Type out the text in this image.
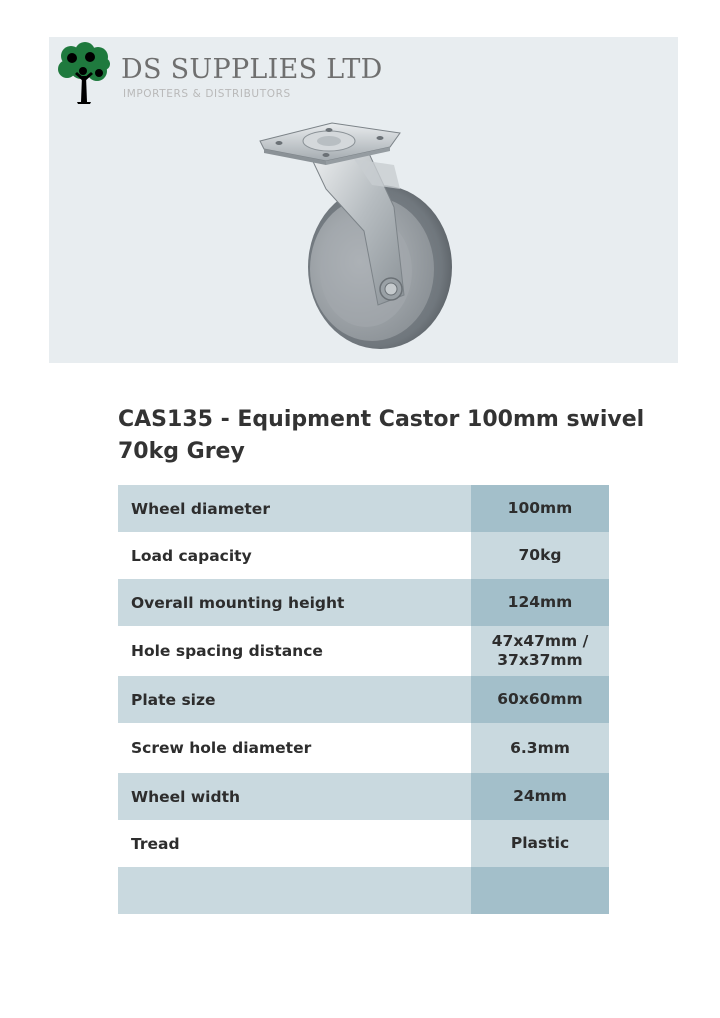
DS SUPPLIES LTD
IMPORTERS & DISTRIBUTORS
CAS135 - Equipment Castor 100mm swivel 70kg Grey
Wheel diameter	100mm
Load capacity	70kg
Overall mounting height	124mm
Hole spacing distance	47x47mm / 37x37mm
Plate size	60x60mm
Screw hole diameter	6.3mm
Wheel width	24mm
Tread	Plastic
